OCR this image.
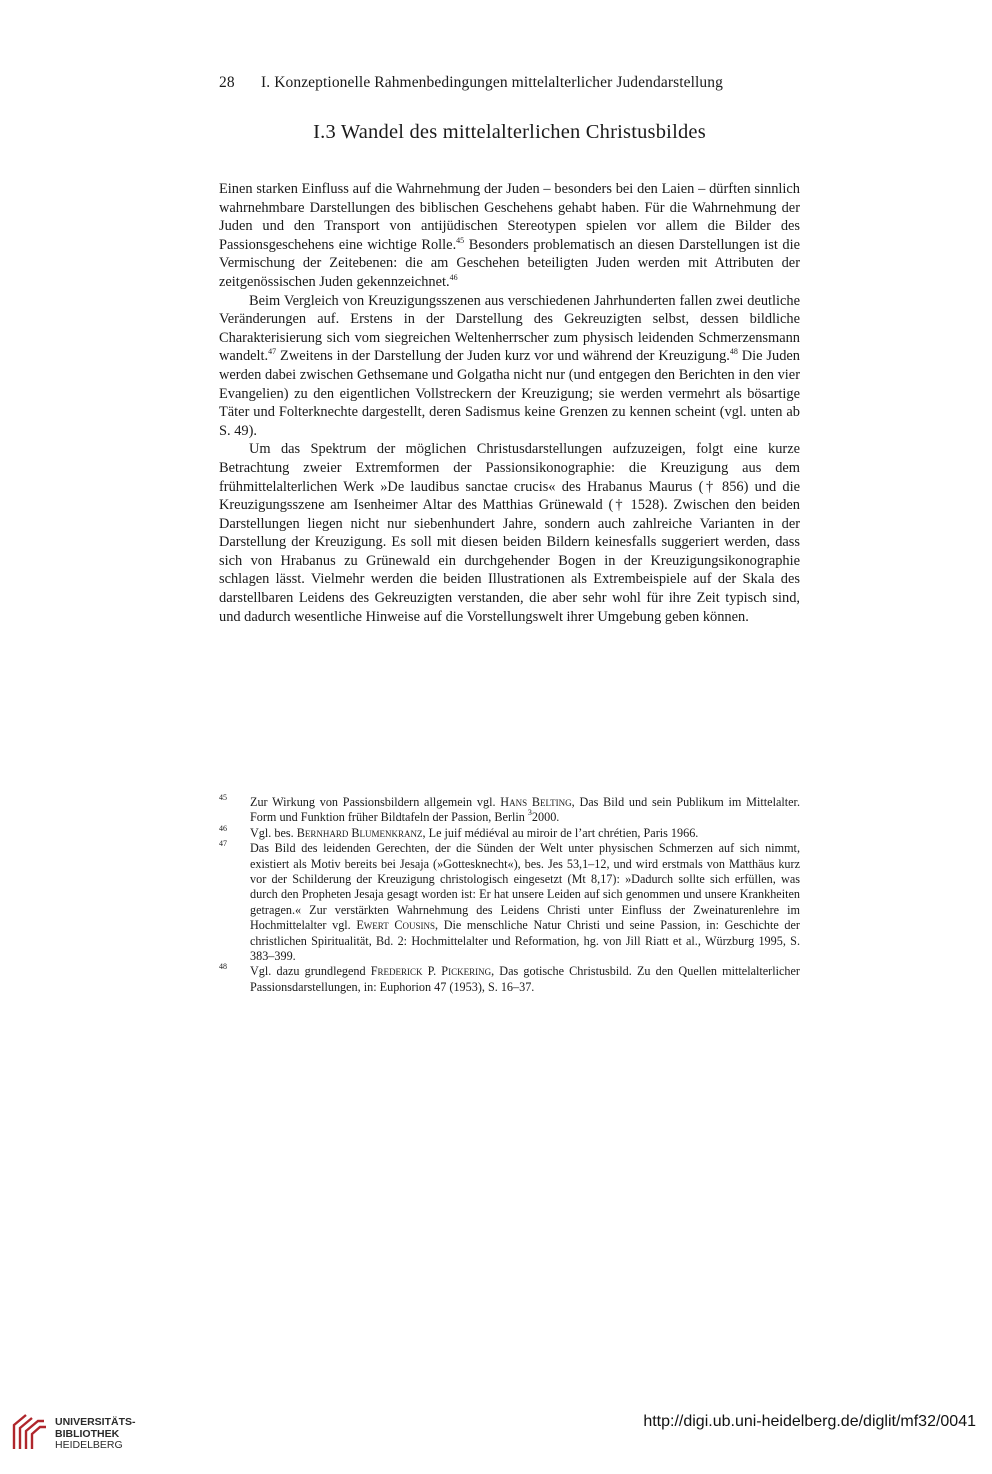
28 I. Konzeptionelle Rahmenbedingungen mittelalterlicher Judendarstellung
I.3 Wandel des mittelalterlichen Christusbildes

Einen starken Einfluss auf die Wahrnehmung der Juden – besonders bei den Laien – dürften sinnlich wahrnehmbare Darstellungen des biblischen Geschehens gehabt haben. Für die Wahrnehmung der Juden und den Transport von antijüdischen Stereotypen spielen vor allem die Bilder des Passionsgeschehens eine wichtige Rolle.$^{45}$ Besonders problematisch an diesen Darstellungen ist die Vermischung der Zeitebenen: die am Geschehen beteiligten Juden werden mit Attributen der zeitgenössischen Juden gekennzeichnet.$^{46}$

Beim Vergleich von Kreuzigungsszenen aus verschiedenen Jahrhunderten fallen zwei deutliche Veränderungen auf. Erstens in der Darstellung des Gekreuzigten selbst, dessen bildliche Charakterisierung sich vom siegreichen Weltenherrscher zum physisch leidenden Schmerzensmann wandelt.$^{47}$ Zweitens in der Darstellung der Juden kurz vor und während der Kreuzigung.$^{48}$ Die Juden werden dabei zwischen Gethsemane und Golgatha nicht nur (und entgegen den Berichten in den vier Evangelien) zu den eigentlichen Vollstreckern der Kreuzigung; sie werden vermehrt als bösartige Täter und Folterknechte dargestellt, deren Sadismus keine Grenzen zu kennen scheint (vgl. unten ab S. 49).

Um das Spektrum der möglichen Christusdarstellungen aufzuzeigen, folgt eine kurze Betrachtung zweier Extremformen der Passionsikonographie: die Kreuzigung aus dem frühmittelalterlichen Werk »De laudibus sanctae crucis« des Hrabanus Maurus († 856) und die Kreuzigungsszene am Isenheimer Altar des Matthias Grünewald († 1528). Zwischen den beiden Darstellungen liegen nicht nur siebenhundert Jahre, sondern auch zahlreiche Varianten in der Darstellung der Kreuzigung. Es soll mit diesen beiden Bildern keinesfalls suggeriert werden, dass sich von Hrabanus zu Grünewald ein durchgehender Bogen in der Kreuzigungsikonographie schlagen lässt. Vielmehr werden die beiden Illustrationen als Extrembeispiele auf der Skala des darstellbaren Leidens des Gekreuzigten verstanden, die aber sehr wohl für ihre Zeit typisch sind, und dadurch wesentliche Hinweise auf die Vorstellungswelt ihrer Umgebung geben können.

45 Zur Wirkung von Passionsbildern allgemein vgl. Hans Belting, Das Bild und sein Publikum im Mittelalter. Form und Funktion früher Bildtafeln der Passion, Berlin $^3$2000.
46 Vgl. bes. Bernhard Blumenkranz, Le juif médiéval au miroir de l’art chrétien, Paris 1966.
47 Das Bild des leidenden Gerechten, der die Sünden der Welt unter physischen Schmerzen auf sich nimmt, existiert als Motiv bereits bei Jesaja (»Gottesknecht«), bes. Jes 53,1–12, und wird erstmals von Matthäus kurz vor der Schilderung der Kreuzigung christologisch eingesetzt (Mt 8,17): »Dadurch sollte sich erfüllen, was durch den Propheten Jesaja gesagt worden ist: Er hat unsere Leiden auf sich genommen und unsere Krankheiten getragen.« Zur verstärkten Wahrnehmung des Leidens Christi unter Einfluss der Zweinaturenlehre im Hochmittelalter vgl. Ewert Cousins, Die menschliche Natur Christi und seine Passion, in: Geschichte der christlichen Spiritualität, Bd. 2: Hochmittelalter und Reformation, hg. von Jill Riatt et al., Würzburg 1995, S. 383–399.
48 Vgl. dazu grundlegend Frederick P. Pickering, Das gotische Christusbild. Zu den Quellen mittelalterlicher Passionsdarstellungen, in: Euphorion 47 (1953), S. 16–37.
UNIVERSITÄTS-
BIBLIOTHEK
HEIDELBERG
http://digi.ub.uni-heidelberg.de/diglit/mf32/0041
